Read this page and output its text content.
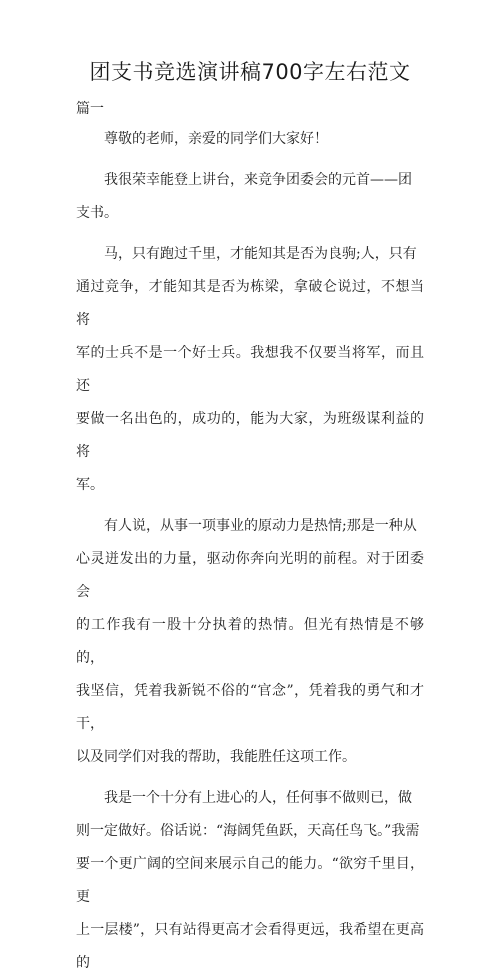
团支书竞选演讲稿700字左右范文
篇一
尊敬的老师，亲爱的同学们大家好！
我很荣幸能登上讲台，来竞争团委会的元首——团
支书。
马，只有跑过千里，才能知其是否为良驹;人，只有
通过竞争，才能知其是否为栋梁，拿破仑说过，不想当将
军的士兵不是一个好士兵。我想我不仅要当将军，而且还
要做一名出色的，成功的，能为大家，为班级谋利益的将
军。
有人说，从事一项事业的原动力是热情;那是一种从
心灵迸发出的力量，驱动你奔向光明的前程。对于团委会
的工作我有一股十分执着的热情。但光有热情是不够的，
我坚信，凭着我新锐不俗的“官念”，凭着我的勇气和才干，
以及同学们对我的帮助，我能胜任这项工作。
我是一个十分有上进心的人，任何事不做则已，做
则一定做好。俗话说：“海阔凭鱼跃，天高任鸟飞。”我需
要一个更广阔的空间来展示自己的能力。“欲穷千里目，更
上一层楼”，只有站得更高才会看得更远，我希望在更高的
